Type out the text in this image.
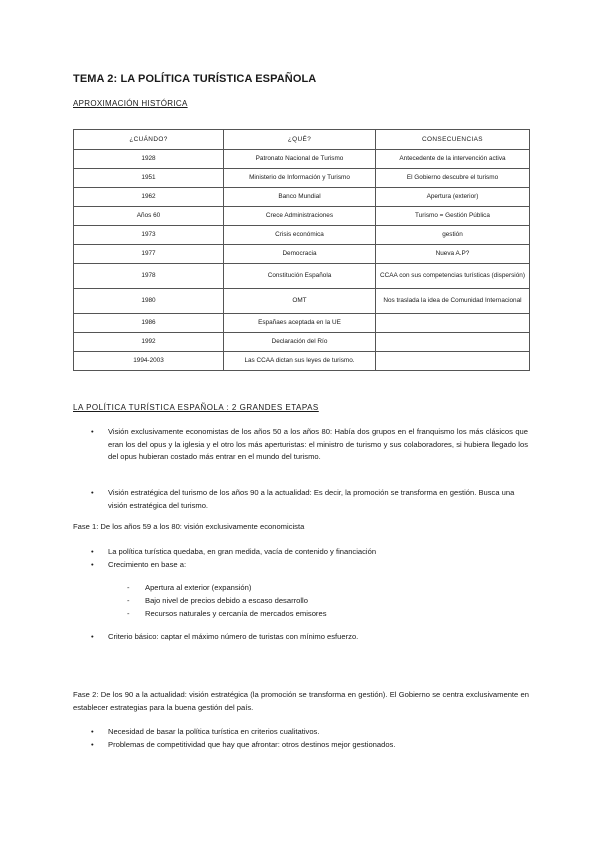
TEMA 2: LA POLÍTICA TURÍSTICA ESPAÑOLA
APROXIMACIÓN HISTÓRICA
¿CUÁNDO?	¿QUÉ?	CONSECUENCIAS
1928	Patronato Nacional de Turismo	Antecedente de la intervención activa
1951	Ministerio de Información y Turismo	El Gobierno descubre el turismo
1962	Banco Mundial	Apertura (exterior)
Años 60	Crece Administraciones	Turismo = Gestión Pública
1973	Crisis económica	gestión
1977	Democracia	Nueva A.P?
1978	Constitución Española	CCAA con sus competencias turísticas (dispersión)
1980	OMT	Nos traslada la idea de Comunidad Internacional
1986	Españaes aceptada en la UE	
1992	Declaración del Río	
1994-2003	Las CCAA dictan sus leyes de turismo.	
LA POLÍTICA TURÍSTICA ESPAÑOLA : 2 GRANDES ETAPAS
• Visión exclusivamente economistas de los años 50 a los años 80: Había dos grupos en el franquismo los más clásicos que eran los del opus y la iglesia y el otro los más aperturistas: el ministro de turismo y sus colaboradores, si hubiera llegado los del opus hubieran costado más entrar en el mundo del turismo.
• Visión estratégica del turismo de los años 90 a la actualidad: Es decir, la promoción se transforma en gestión. Busca una visión estratégica del turismo.
Fase 1: De los años 59 a los 80: visión exclusivamente economicista
• La política turística quedaba, en gran medida, vacía de contenido y financiación
• Crecimiento en base a:
- Apertura al exterior (expansión)
- Bajo nivel de precios debido a escaso desarrollo
- Recursos naturales y cercanía de mercados emisores
• Criterio básico: captar el máximo número de turistas con mínimo esfuerzo.
Fase 2: De los 90 a la actualidad: visión estratégica (la promoción se transforma en gestión). El Gobierno se centra exclusivamente en establecer estrategias para la buena gestión del país.
• Necesidad de basar la política turística en criterios cualitativos.
• Problemas de competitividad que hay que afrontar: otros destinos mejor gestionados.
